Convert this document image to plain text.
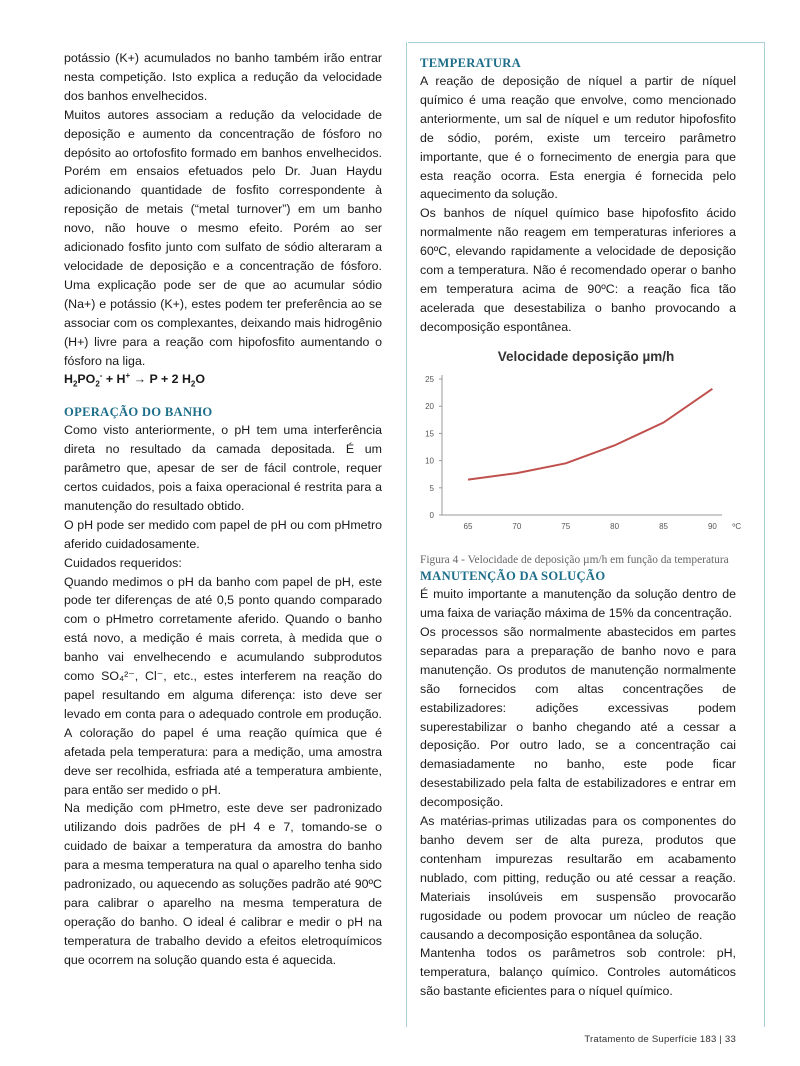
potássio (K+) acumulados no banho também irão entrar nesta competição. Isto explica a redução da velocidade dos banhos envelhecidos.

Muitos autores associam a redução da velocidade de deposição e aumento da concentração de fósforo no depósito ao ortofosfito formado em banhos envelhecidos. Porém em ensaios efetuados pelo Dr. Juan Haydu adicionando quantidade de fosfito correspondente à reposição de metais (“metal turnover”) em um banho novo, não houve o mesmo efeito. Porém ao ser adicionado fosfito junto com sulfato de sódio alteraram a velocidade de deposição e a concentração de fósforo. Uma explicação pode ser de que ao acumular sódio (Na+) e potássio (K+), estes podem ter preferência ao se associar com os complexantes, deixando mais hidrogênio (H+) livre para a reação com hipofosfito aumentando o fósforo na liga.

$H_2PO_2^- + H^+ \to P + 2$ $H_2O$

OPERAÇÃO DO BANHO

Como visto anteriormente, o pH tem uma interferência direta no resultado da camada depositada. É um parâmetro que, apesar de ser de fácil controle, requer certos cuidados, pois a faixa operacional é restrita para a manutenção do resultado obtido.

O pH pode ser medido com papel de pH ou com pHmetro aferido cuidadosamente.

Cuidados requeridos:

Quando medimos o pH da banho com papel de pH, este pode ter diferenças de até 0,5 ponto quando comparado com o pHmetro corretamente aferido. Quando o banho está novo, a medição é mais correta, à medida que o banho vai envelhecendo e acumulando subprodutos como SO₄²⁻, Cl⁻, etc., estes interferem na reação do papel resultando em alguma diferença: isto deve ser levado em conta para o adequado controle em produção. A coloração do papel é uma reação química que é afetada pela temperatura: para a medição, uma amostra deve ser recolhida, esfriada até a temperatura ambiente, para então ser medido o pH.

Na medição com pHmetro, este deve ser padronizado utilizando dois padrões de pH 4 e 7, tomando-se o cuidado de baixar a temperatura da amostra do banho para a mesma temperatura na qual o aparelho tenha sido padronizado, ou aquecendo as soluções padrão até 90ºC para calibrar o aparelho na mesma temperatura de operação do banho. O ideal é calibrar e medir o pH na temperatura de trabalho devido a efeitos eletroquímicos que ocorrem na solução quando esta é aquecida.

TEMPERATURA

A reação de deposição de níquel a partir de níquel químico é uma reação que envolve, como mencionado anteriormente, um sal de níquel e um redutor hipofosfito de sódio, porém, existe um terceiro parâmetro importante, que é o fornecimento de energia para que esta reação ocorra. Esta energia é fornecida pelo aquecimento da solução.

Os banhos de níquel químico base hipofosfito ácido normalmente não reagem em temperaturas inferiores a 60ºC, elevando rapidamente a velocidade de deposição com a temperatura. Não é recomendado operar o banho em temperatura acima de 90ºC: a reação fica tão acelerada que desestabiliza o banho provocando a decomposição espontânea.

Velocidade deposição µm/h
0
5
10
15
20
25
65	70	75	80	85	90 ºC

Figura 4 - Velocidade de deposição µm/h em função da temperatura

MANUTENÇÃO DA SOLUÇÃO

É muito importante a manutenção da solução dentro de uma faixa de variação máxima de 15% da concentração.

Os processos são normalmente abastecidos em partes separadas para a preparação de banho novo e para manutenção. Os produtos de manutenção normalmente são fornecidos com altas concentrações de estabilizadores: adições excessivas podem superestabilizar o banho chegando até a cessar a deposição. Por outro lado, se a concentração cai demasiadamente no banho, este pode ficar desestabilizado pela falta de estabilizadores e entrar em decomposição.

As matérias-primas utilizadas para os componentes do banho devem ser de alta pureza, produtos que contenham impurezas resultarão em acabamento nublado, com pitting, redução ou até cessar a reação. Materiais insolúveis em suspensão provocarão rugosidade ou podem provocar um núcleo de reação causando a decomposição espontânea da solução.

Mantenha todos os parâmetros sob controle: pH, temperatura, balanço químico. Controles automáticos são bastante eficientes para o níquel químico.

Tratamento de Superfície 183 | 33
